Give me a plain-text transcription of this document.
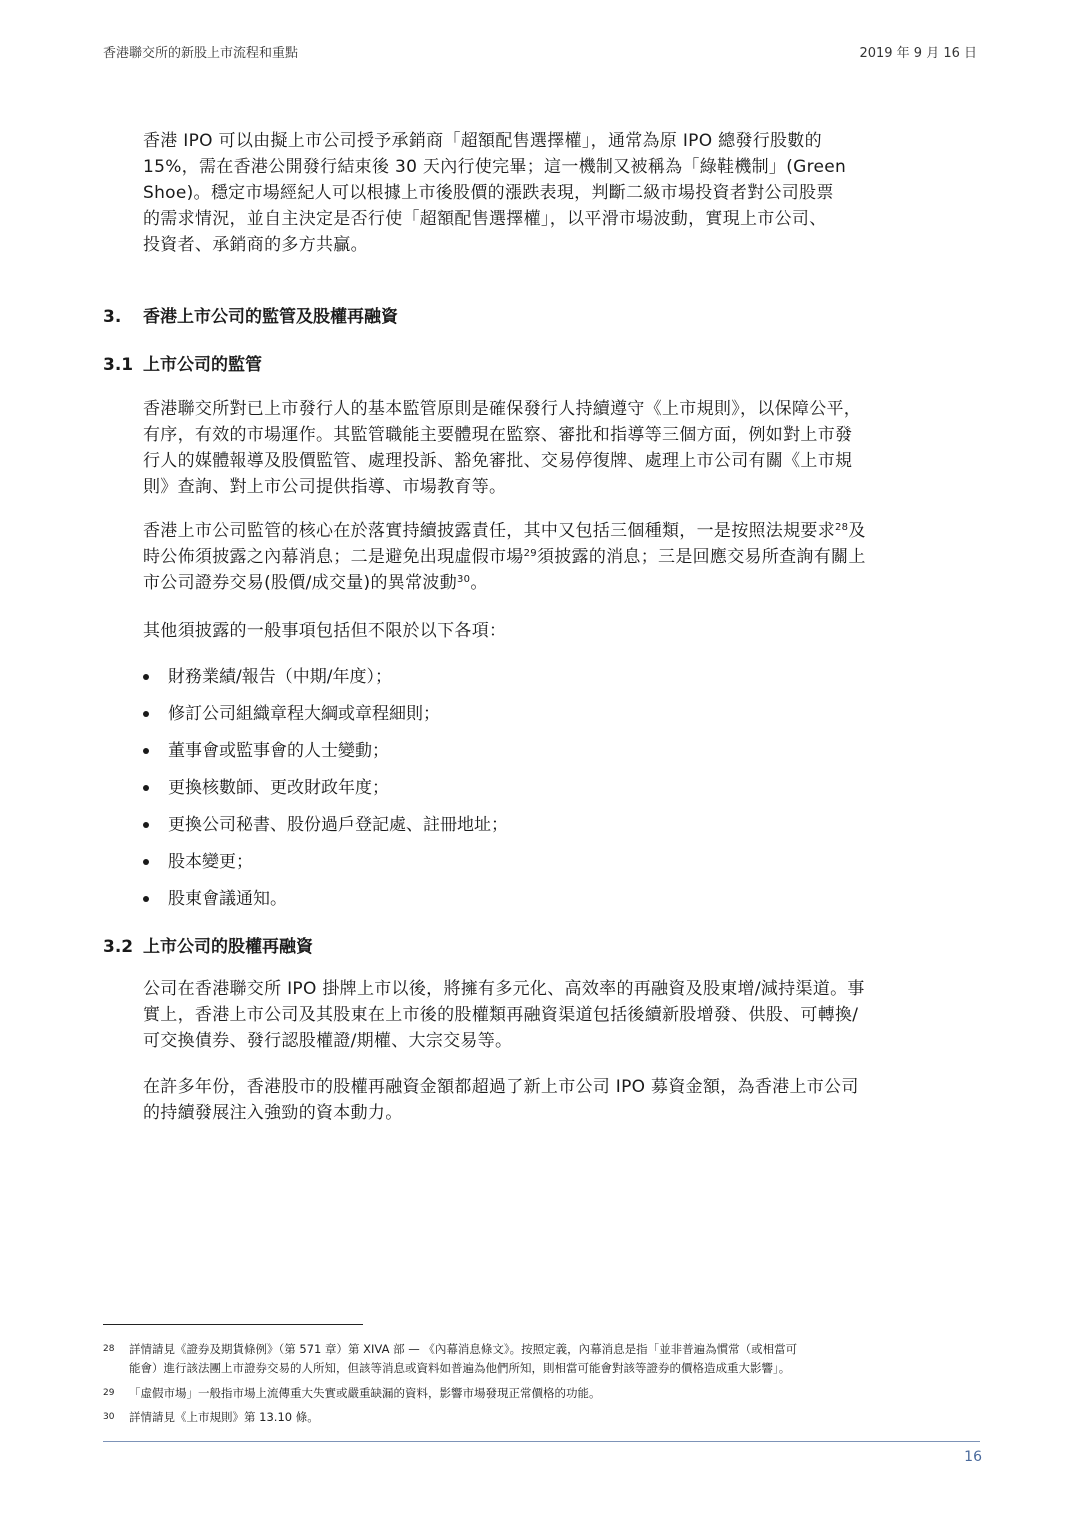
香港聯交所的新股上市流程和重點	2019 年 9 月 16 日

香港 IPO 可以由擬上市公司授予承銷商「超額配售選擇權」，通常為原 IPO 總發行股數的
15%，需在香港公開發行結束後 30 天內行使完畢；這一機制又被稱為「綠鞋機制」(Green
Shoe)。穩定市場經紀人可以根據上市後股價的漲跌表現，判斷二級市場投資者對公司股票
的需求情況，並自主決定是否行使「超額配售選擇權」，以平滑市場波動，實現上市公司、
投資者、承銷商的多方共贏。

3. 香港上市公司的監管及股權再融資
3.1 上市公司的監管

香港聯交所對已上市發行人的基本監管原則是確保發行人持續遵守《上市規則》，以保障公平，
有序，有效的市場運作。其監管職能主要體現在監察、審批和指導等三個方面，例如對上市發
行人的媒體報導及股價監管、處理投訴、豁免審批、交易停復牌、處理上市公司有關《上市規
則》查詢、對上市公司提供指導、市場教育等。

香港上市公司監管的核心在於落實持續披露責任，其中又包括三個種類，一是按照法規要求$^{28}$及
時公佈須披露之內幕消息；二是避免出現虛假市場$^{29}$須披露的消息；三是回應交易所查詢有關上
市公司證券交易(股價/成交量)的異常波動$^{30}$。

其他須披露的一般事項包括但不限於以下各項：

財務業績/報告（中期/年度）；
修訂公司組織章程大綱或章程細則；
董事會或監事會的人士變動；
更換核數師、更改財政年度；
更換公司秘書、股份過戶登記處、註冊地址；
股本變更；
股東會議通知。
3.2 上市公司的股權再融資

公司在香港聯交所 IPO 掛牌上市以後，將擁有多元化、高效率的再融資及股東增/減持渠道。事
實上，香港上市公司及其股東在上市後的股權類再融資渠道包括後續新股增發、供股、可轉換/
可交換債券、發行認股權證/期權、大宗交易等。

在許多年份，香港股市的股權再融資金額都超過了新上市公司 IPO 募資金額，為香港上市公司
的持續發展注入強勁的資本動力。

28 詳情請見《證券及期貨條例》（第 571 章）第 XIVA 部 — 《內幕消息條文》。按照定義，內幕消息是指「並非普遍為慣常（或相當可
能會）進行該法團上市證券交易的人所知，但該等消息或資料如普遍為他們所知，則相當可能會對該等證券的價格造成重大影響」。
29 「虛假市場」一般指市場上流傳重大失實或嚴重缺漏的資料，影響市場發現正常價格的功能。
30 詳情請見《上市規則》第 13.10 條。
16
